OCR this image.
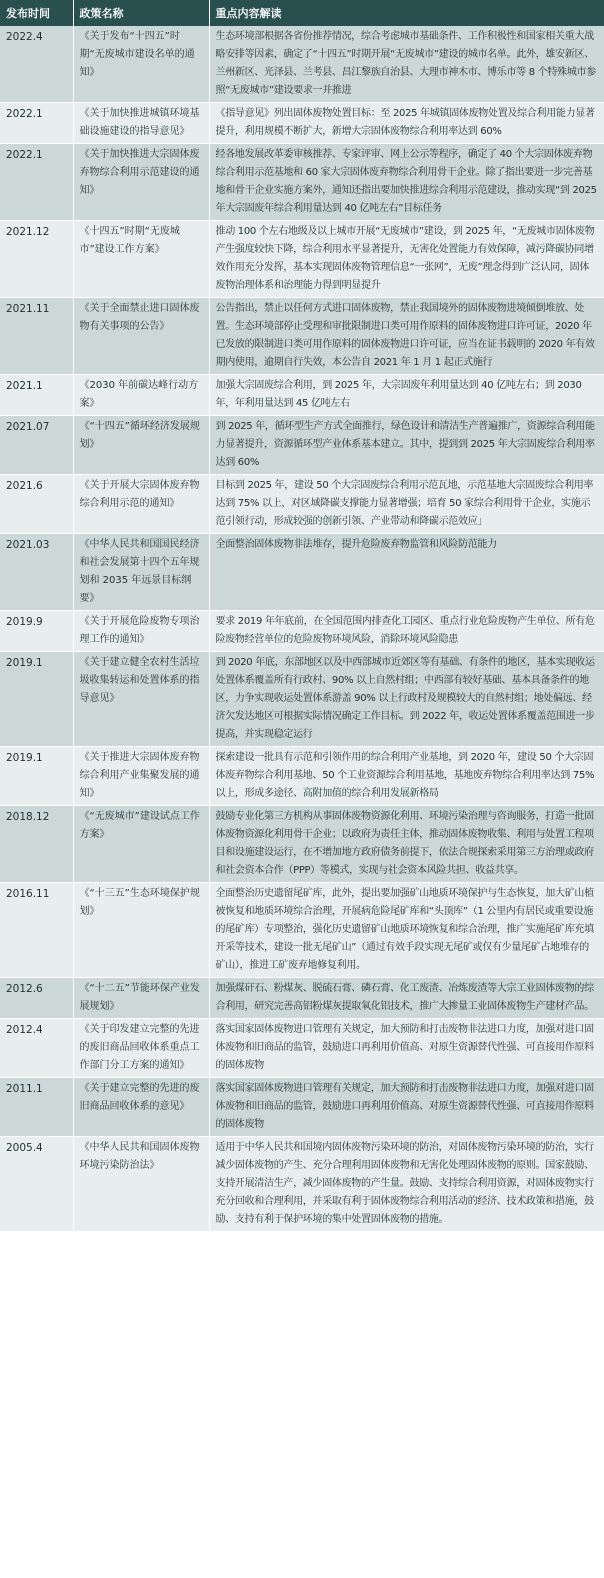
发布时间	政策名称	重点内容解读
2022.4	《关于发布“十四五”时期“无废城市建设名单的通知》	生态环境部根据各省份推荐情况，综合考虑城市基础条件、工作积极性和国家相关重大战略安排等因素，确定了“十四五”时期开展“无废城市”建设的城市名单。此外，雄安新区、兰州新区、光泽县、兰考县、昌江黎族自治县、大理市神木市、博乐市等 8 个特殊城市参照“无废城市”建设要求一并推进
2022.1	《关于加快推进城镇环境基础设施建设的指导意见》	《指导意见》列出固体废物处置目标：至 2025 年城镇固体废物处置及综合利用能力显著提升，利用规模不断扩大，新增大宗固体废物综合利用率达到 60%
2022.1	《关于加快推进大宗固体废弃物综合利用示范建设的通知》	经各地发展改革委审核推荐、专家评审、网上公示等程序，确定了 40 个大宗固体废弃物综合利用示范基地和 60 家大宗固体废弃物综合利用骨干企业。除了指出要进一步完善基地和骨干企业实施方案外，通知还指出要加快推进综合利用示范建设，推动实现“到 2025 年大宗固废年综合利用量达到 40 亿吨左右”目标任务
2021.12	《十四五”时期“无废城市”建设工作方案》	推动 100 个左右地级及以上城市开展“无废城市”建设，到 2025 年，“无废城市固体废物产生强度较快下降，综合利用水平显著提升，无害化处置能力有效保障，减污降碳协同增效作用充分发挥，基本实现固体废物管理信息“一张网”，无废”理念得到广泛认同，固体废物治理体系和治理能力得到明显提升
2021.11	《关于全面禁止进口固体废物有关事项的公告》	公告指出，禁止以任何方式进口固体废物，禁止我国境外的固体废物进境倾倒堆放、处置。生态环境部停止受理和审批限制进口类可用作原料的固体废物进口许可证，2020 年已发放的限制进口类可用作原料的固体废物进口许可证，应当在证书载明的 2020 年有效期内使用，逾期自行失效，本公告自 2021 年 1 月 1 起正式施行
2021.1	《2030 年前碳达峰行动方案》	加强大宗固废综合利用，到 2025 年，大宗固废年利用量达到 40 亿吨左右；到 2030 年，年利用量达到 45 亿吨左右
2021.07	《“十四五”循环经济发展规划》	到 2025 年，循环型生产方式全面推行，绿色设计和清洁生产普遍推广，资源综合利用能力显著提升，资源循环型产业体系基本建立。其中，提到到 2025 年大宗固废综合利用率达到 60%
2021.6	《关于开展大宗固体废弃物综合利用示范的通知》	目标到 2025 年，建设 50 个大宗固废综合利用示范瓦地，示范基地大宗固废综合利用率达到 75% 以上，对区域降碳支撑能力显著增强；培育 50 家综合利用骨干企业，实施示范引领行动，形成较强的创新引领、产业带动和降碳示范效应」
2021.03	《中华人民共和国国民经济和社会发展第十四个五年规划和 2035 年远景目标纲要》	全面整治固体废物非法堆存，提升危险废弃物监管和风险防范能力
2019.9	《关于开展危险废物专项治理工作的通知》	要求 2019 年年底前，在全国范围内排查化工园区、重点行业危险废物产生单位、所有危险废物经营单位的危险废物环境风险，消除环境风险隐患
2019.1	《关于建立健全农村生活垃圾收集转运和处置体系的指导意见》	到 2020 年底，东部地区以及中西部城市近郊区等有基础、有条件的地区，基本实现收运处置体系覆盖所有行政村、90% 以上自然村组；中西部有较好基础、基本具备条件的地区，力争实现收运处置体系游盖 90% 以上行政村及规模较大的自然村组；地处偏远、经济欠发达地区可根据实际情况确定工作目标。到 2022 年，收运处置体系覆盖范围进一步提高，并实现稳定运行
2019.1	《关于推进大宗固体废弃物综合利用产业集聚发展的通知》	探索建设一批具有示范和引领作用的综合利用产业基地，到 2020 年，建设 50 个大宗固体废弃物综合利用基地、50 个工业资源综合利用基地，基地废弃物综合利用率达到 75% 以上，形成多途径、高附加值的综合利用发展新格局
2018.12	《“无废城市”建设试点工作方案》	鼓励专业化第三方机构从事固体废物资源化利用、环境污染治理与咨询服务，打造一批固体废物资源化利用骨干企业；以政府为责任主体，推动固体废物收集、利用与处置工程项目和设施建设运行，在不增加地方政府债务前提下，依法合规探索采用第三方治理或政府和社会资本合作（PPP）等模式，实现与社会资本风险共担、收益共享。
2016.11	《“十三五”生态环境保护规划》	全面整治历史遗留尾矿库，此外，提出要加强矿山地质环境保护与生态恢复，加大矿山植被恢复和地质环境综合治理，开展病危险尾矿库和“头顶库”（1 公里内有居民或重要设施的尾矿库）专项整治，强化历史遗留矿山地质环境恢复和综合治理，推广实施尾矿库充填开采等技术，建设一批无尾矿山”（通过有效手段实现无尾矿或仅有少量尾矿占地堆存的矿山），推进工矿废弃地修复利用。
2012.6	《“十二五”节能环保产业发展规划》	加强煤矸石、粉煤灰、脱硫石膏、磷石膏、化工废渣、冶炼废渣等大宗工业固体废物的综合利用，研究完善高铝粉煤灰提取氧化铝技术，推广大掺量工业固体废物生产建材产品。
2012.4	《关于印发建立完整的先进的废旧商品回收体系重点工作部门分工方案的通知》	落实国家固体废物进口管理有关规定，加大预防和打击废物非法进口力度，加强对进口固体废物和旧商品的监管，鼓励进口再利用价值高、对原生资源替代性强、可直接用作原料的固体废物
2011.1	《关于建立完整的先进的废旧商品回收体系的意见》	落实国家固体废物进口管理有关规定，加大预防和打击废物非法进口力度，加强对进口固体废物和旧商品的监管，鼓励进口再利用价值高、对原生资源替代性强、可直接用作原料的固体废物
2005.4	《中华人民共和国固体废物环境污染防治法》	适用于中华人民共和国境内固体废物污染环境的防治，对固体废物污染环境的防治，实行减少固体废物的产生、充分合理利用固体废物和无害化处理固体废物的原则。国家鼓励、支持开展清洁生产，减少固体废物的产生量。鼓励、支持综合利用资源，对固体废物实行充分回收和合理利用，并采取有利于固体废物综合利用活动的经济、技术政策和措施，鼓励、支持有利于保护环境的集中处置固体废物的措施。
